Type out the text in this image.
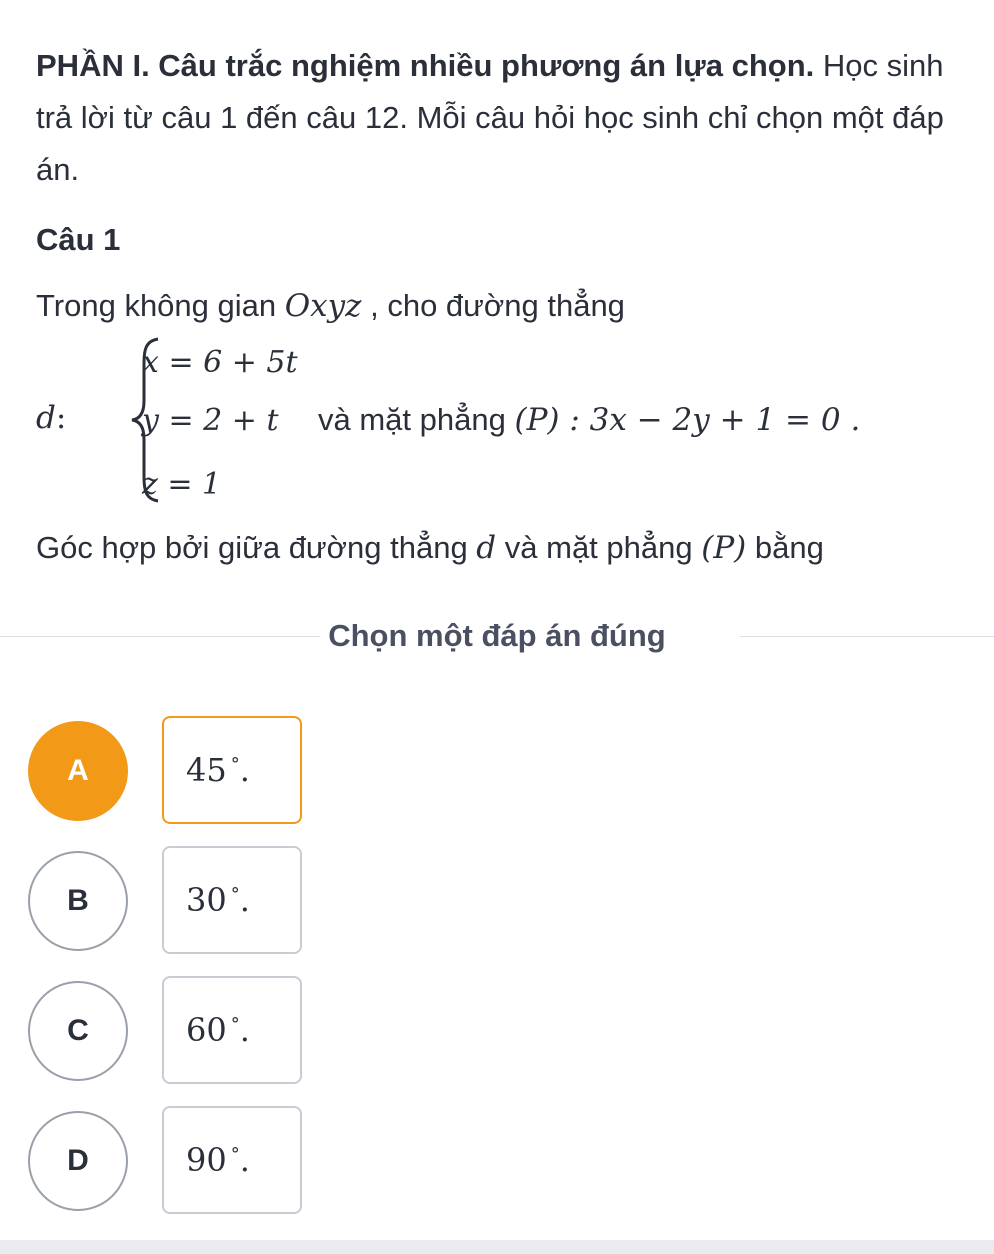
PHẦN I. Câu trắc nghiệm nhiều phương án lựa chọn. Học sinh trả lời từ câu 1 đến câu 12. Mỗi câu hỏi học sinh chỉ chọn một đáp án.
Câu 1
Trong không gian Oxyz , cho đường thẳng
d:
x = 6 + 5t
y = 2 + t
z = 1
và mặt phẳng (P) : 3x − 2y + 1 = 0 .
Góc hợp bởi giữa đường thẳng d và mặt phẳng (P) bằng
Chọn một đáp án đúng
A	45° .
B	30° .
C	60° .
D	90° .
